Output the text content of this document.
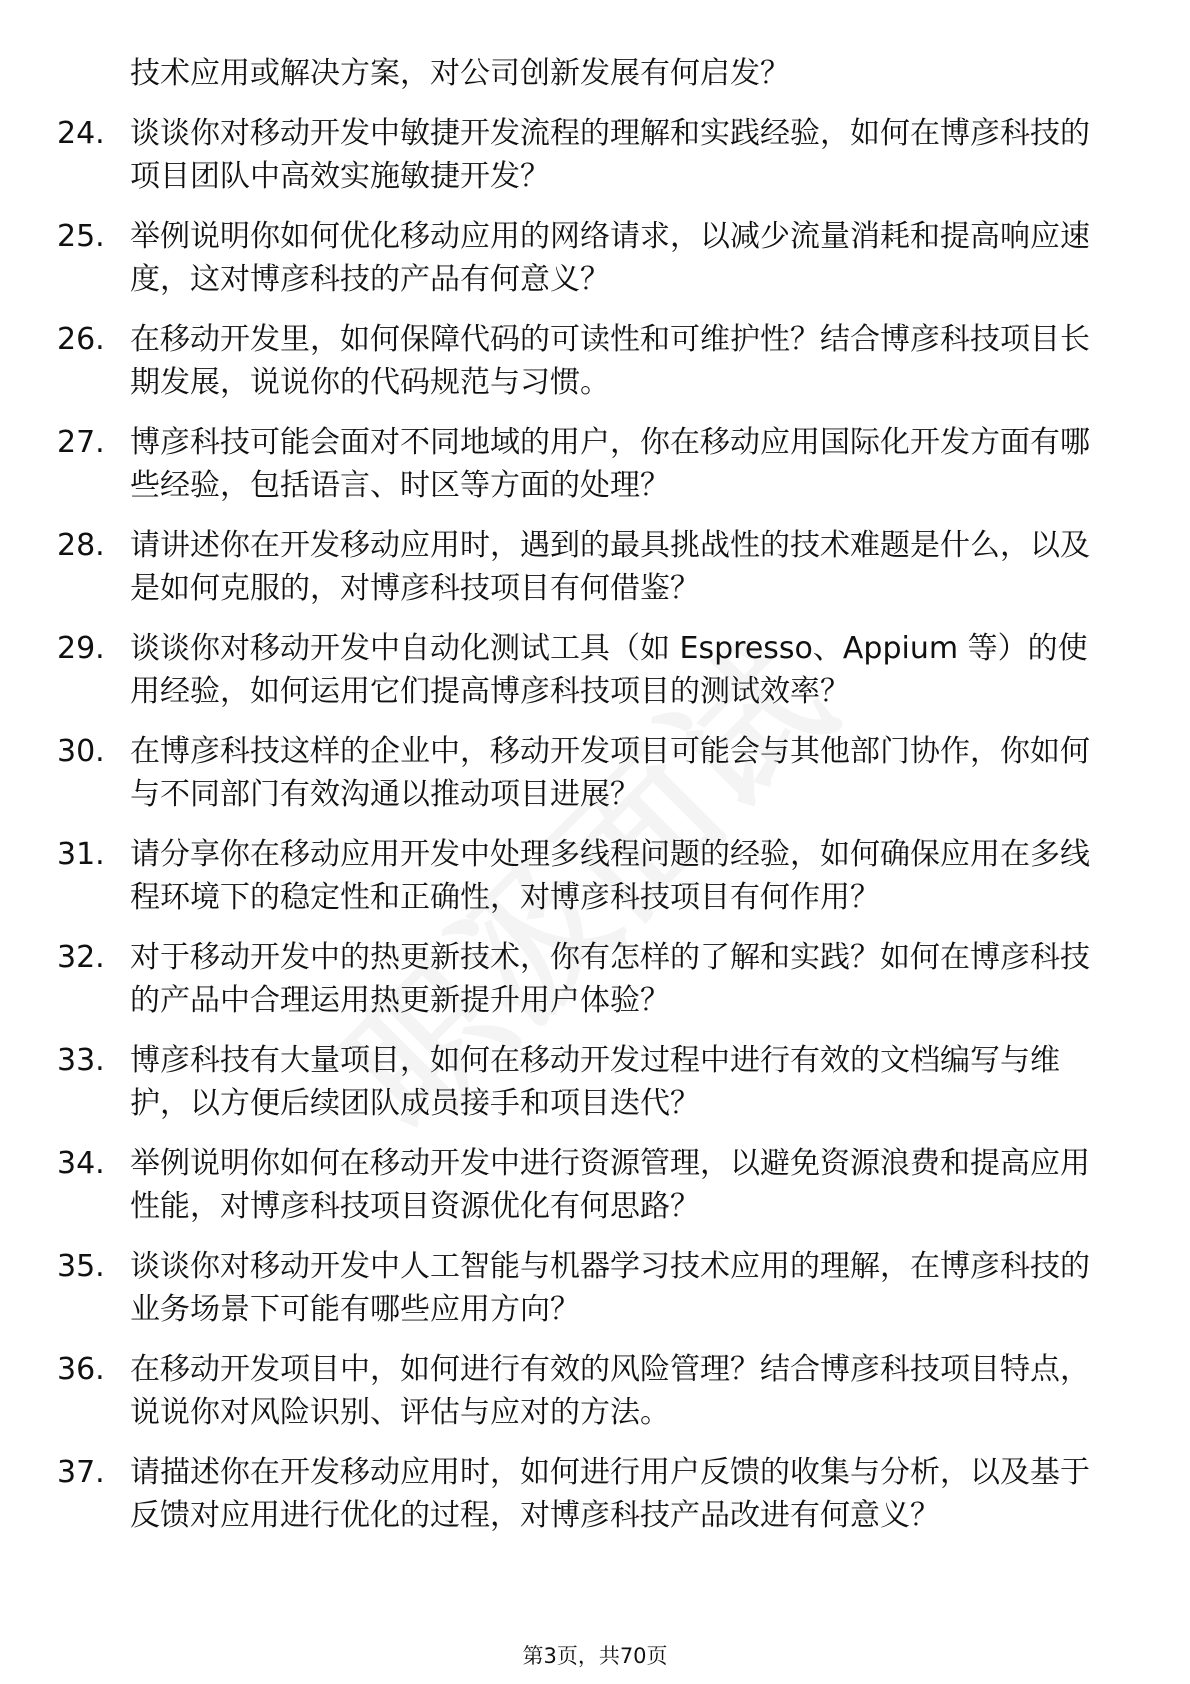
技术应用或解决方案，对公司创新发展有何启发？
24. 谈谈你对移动开发中敏捷开发流程的理解和实践经验，如何在博彦科技的项目团队中高效实施敏捷开发？
25. 举例说明你如何优化移动应用的网络请求，以减少流量消耗和提高响应速度，这对博彦科技的产品有何意义？
26. 在移动开发里，如何保障代码的可读性和可维护性？结合博彦科技项目长期发展，说说你的代码规范与习惯。
27. 博彦科技可能会面对不同地域的用户，你在移动应用国际化开发方面有哪些经验，包括语言、时区等方面的处理？
28. 请讲述你在开发移动应用时，遇到的最具挑战性的技术难题是什么，以及是如何克服的，对博彦科技项目有何借鉴？
29. 谈谈你对移动开发中自动化测试工具（如 Espresso、Appium 等）的使用经验，如何运用它们提高博彦科技项目的测试效率？
30. 在博彦科技这样的企业中，移动开发项目可能会与其他部门协作，你如何与不同部门有效沟通以推动项目进展？
31. 请分享你在移动应用开发中处理多线程问题的经验，如何确保应用在多线程环境下的稳定性和正确性，对博彦科技项目有何作用？
32. 对于移动开发中的热更新技术，你有怎样的了解和实践？如何在博彦科技的产品中合理运用热更新提升用户体验？
33. 博彦科技有大量项目，如何在移动开发过程中进行有效的文档编写与维护，以方便后续团队成员接手和项目迭代？
34. 举例说明你如何在移动开发中进行资源管理，以避免资源浪费和提高应用性能，对博彦科技项目资源优化有何思路？
35. 谈谈你对移动开发中人工智能与机器学习技术应用的理解，在博彦科技的业务场景下可能有哪些应用方向？
36. 在移动开发项目中，如何进行有效的风险管理？结合博彦科技项目特点，说说你对风险识别、评估与应对的方法。
37. 请描述你在开发移动应用时，如何进行用户反馈的收集与分析，以及基于反馈对应用进行优化的过程，对博彦科技产品改进有何意义？
第3页，共70页
